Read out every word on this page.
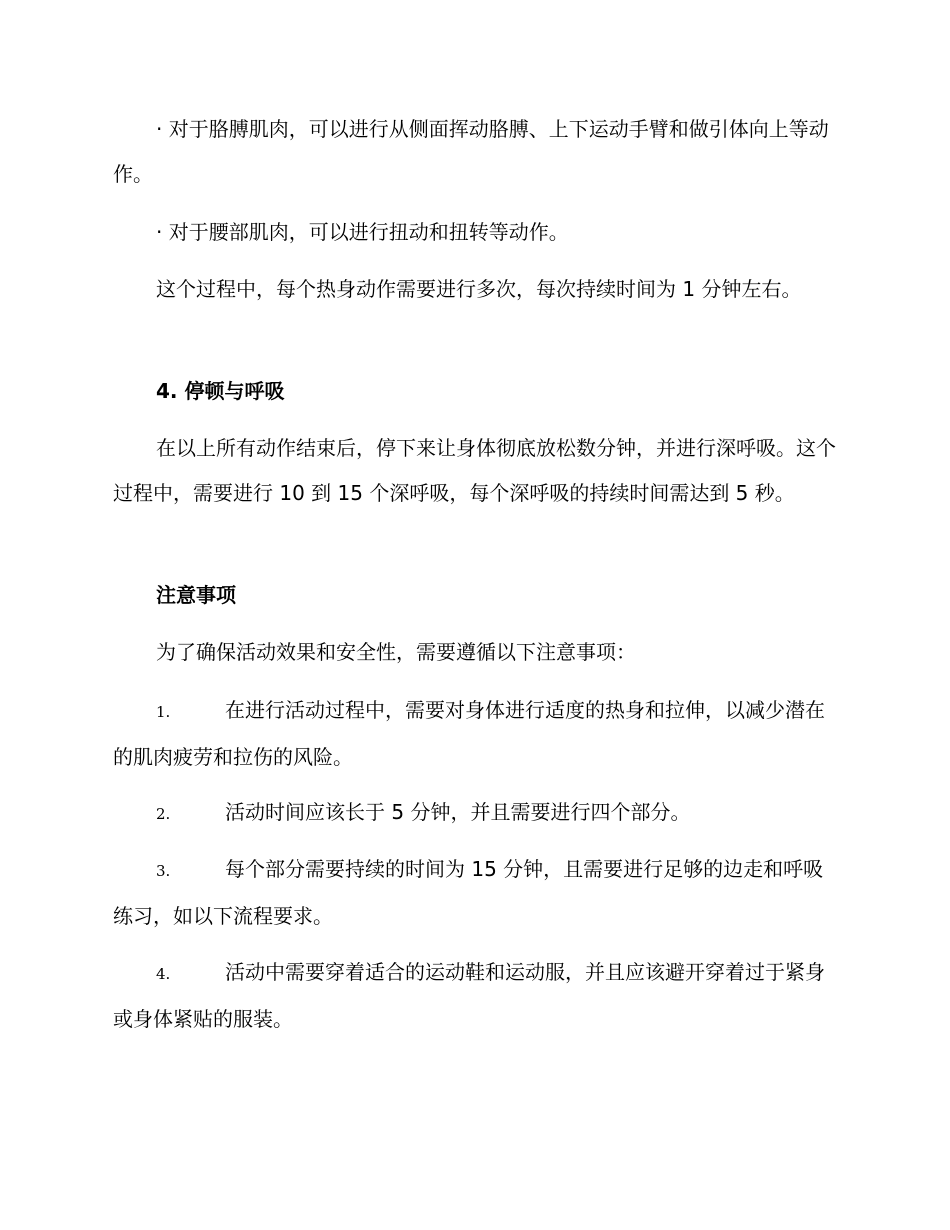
· 对于胳膊肌肉，可以进行从侧面挥动胳膊、上下运动手臂和做引体向上等动作。

· 对于腰部肌肉，可以进行扭动和扭转等动作。

这个过程中，每个热身动作需要进行多次，每次持续时间为 1 分钟左右。

4. 停顿与呼吸

在以上所有动作结束后，停下来让身体彻底放松数分钟，并进行深呼吸。这个过程中，需要进行 10 到 15 个深呼吸，每个深呼吸的持续时间需达到 5 秒。

注意事项

为了确保活动效果和安全性，需要遵循以下注意事项：

1.	在进行活动过程中，需要对身体进行适度的热身和拉伸，以减少潜在的肌肉疲劳和拉伤的风险。

2.	活动时间应该长于 5 分钟，并且需要进行四个部分。

3.	每个部分需要持续的时间为 15 分钟，且需要进行足够的边走和呼吸练习，如以下流程要求。

4.	活动中需要穿着适合的运动鞋和运动服，并且应该避开穿着过于紧身或身体紧贴的服装。
